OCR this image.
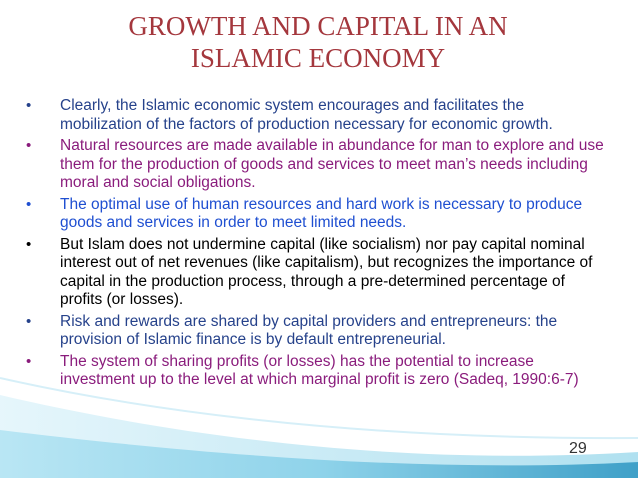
GROWTH AND CAPITAL IN AN
ISLAMIC ECONOMY
•	Clearly, the Islamic economic system encourages and facilitates the mobilization of the factors of production necessary for economic growth.
•	Natural resources are made available in abundance for man to explore and use them for the production of goods and services to meet man’s needs including moral and social obligations.
•	The optimal use of human resources and hard work is necessary to produce goods and services in order to meet limited needs.
•	But Islam does not undermine capital (like socialism) nor pay capital nominal interest out of net revenues (like capitalism), but recognizes the importance of capital in the production process, through a pre-determined percentage of profits (or losses).
•	Risk and rewards are shared by capital providers and entrepreneurs: the provision of Islamic finance is by default entrepreneurial.
•	The system of sharing profits (or losses) has the potential to increase investment up to the level at which marginal profit is zero (Sadeq, 1990:6-7)
29
